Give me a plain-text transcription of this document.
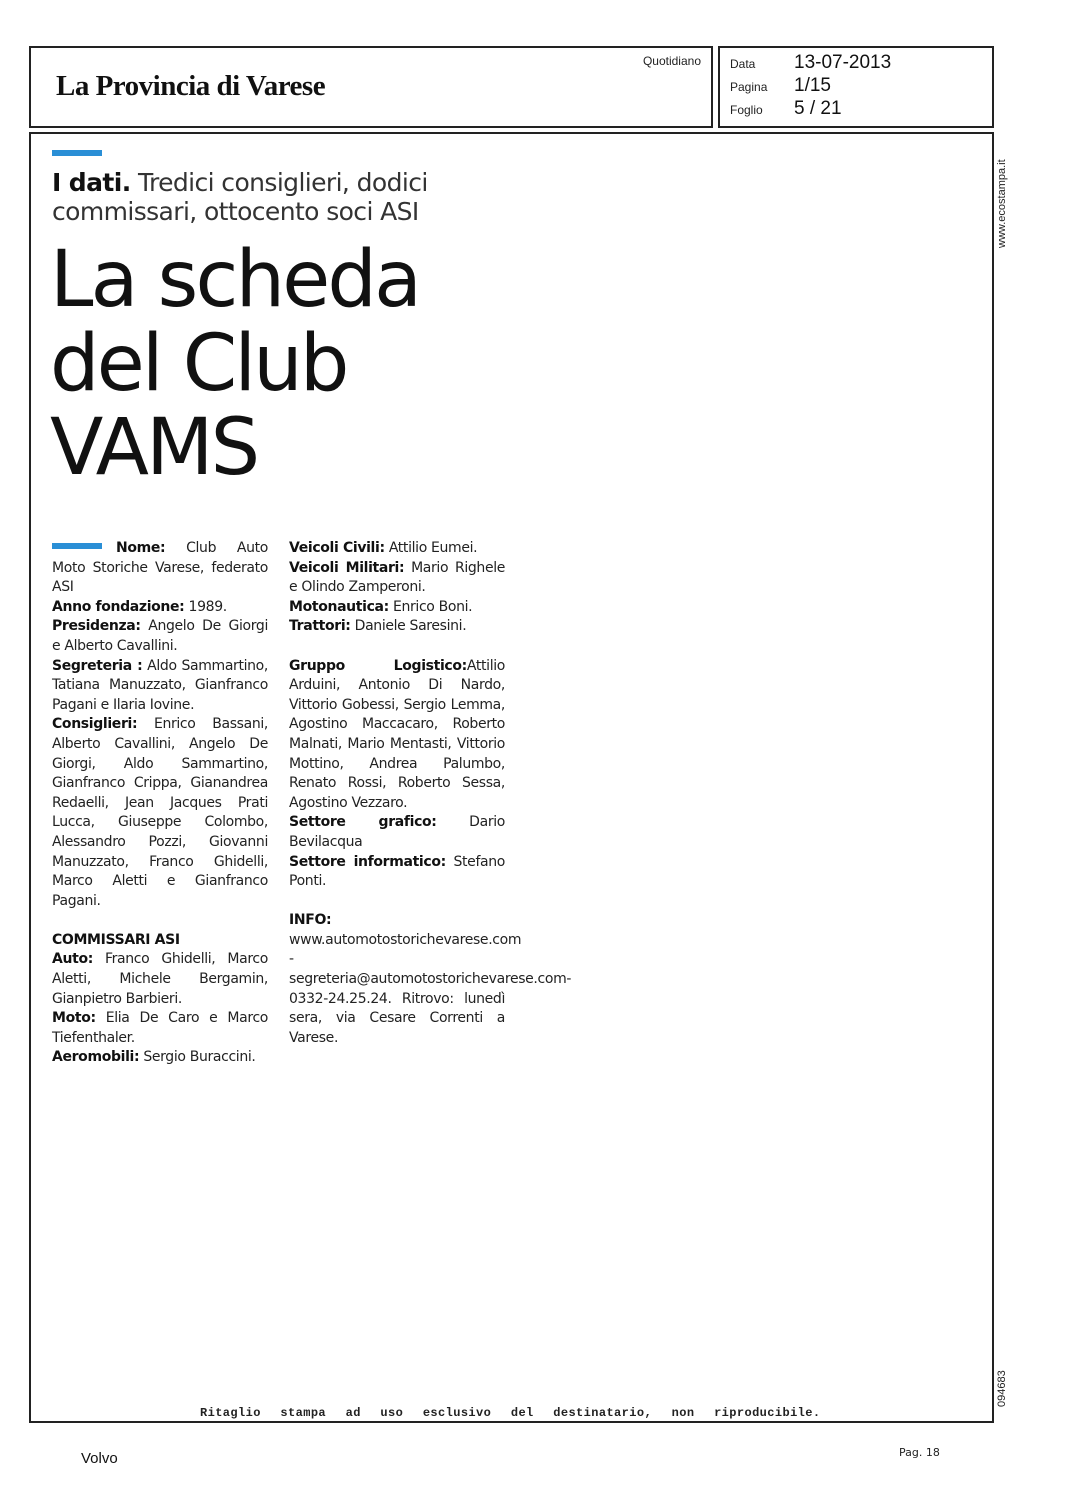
Quotidiano
La Provincia di Varese
Data 13-07-2013
Pagina 1/15
Foglio 5 / 21
www.ecostampa.it
094683
I dati. Tredici consiglieri, dodici commissari, ottocento soci ASI
La scheda
del Club
VAMS

Nome: Club Auto Moto Storiche Varese, federato ASI

Anno fondazione: 1989.

Presidenza: Angelo De Giorgi e Alberto Cavallini.

Segreteria : Aldo Sammartino, Tatiana Manuzzato, Gianfranco Pagani e Ilaria Iovine.

Consiglieri: Enrico Bassani, Alberto Cavallini, Angelo De Giorgi, Aldo Sammartino, Gianfranco Crippa, Gianandrea Redaelli, Jean Jacques Prati Lucca, Giuseppe Colombo, Alessandro Pozzi, Giovanni Manuzzato, Franco Ghidelli, Marco Aletti e Gianfranco Pagani.

COMMISSARI ASI

Auto: Franco Ghidelli, Marco Aletti, Michele Bergamin, Gianpietro Barbieri.

Moto: Elia De Caro e Marco Tiefenthaler.

Aeromobili: Sergio Buraccini.

Veicoli Civili: Attilio Eumei.

Veicoli Militari: Mario Righele e Olindo Zamperoni.

Motonautica: Enrico Boni.

Trattori: Daniele Saresini.

Gruppo Logistico:Attilio Arduini, Antonio Di Nardo, Vittorio Gobessi, Sergio Lemma, Agostino Maccacaro, Roberto Malnati, Mario Mentasti, Vittorio Mottino, Andrea Palumbo, Renato Rossi, Roberto Sessa, Agostino Vezzaro.

Settore grafico: Dario Bevilacqua

Settore informatico: Stefano Ponti.

INFO: www.automotostorichevarese.com - segreteria@automotostorichevarese.com- 0332-24.25.24. Ritrovo: lunedì sera, via Cesare Correnti a Varese.

Ritaglio stampa ad uso esclusivo del destinatario, non riproducibile.
Volvo	Pag. 18
